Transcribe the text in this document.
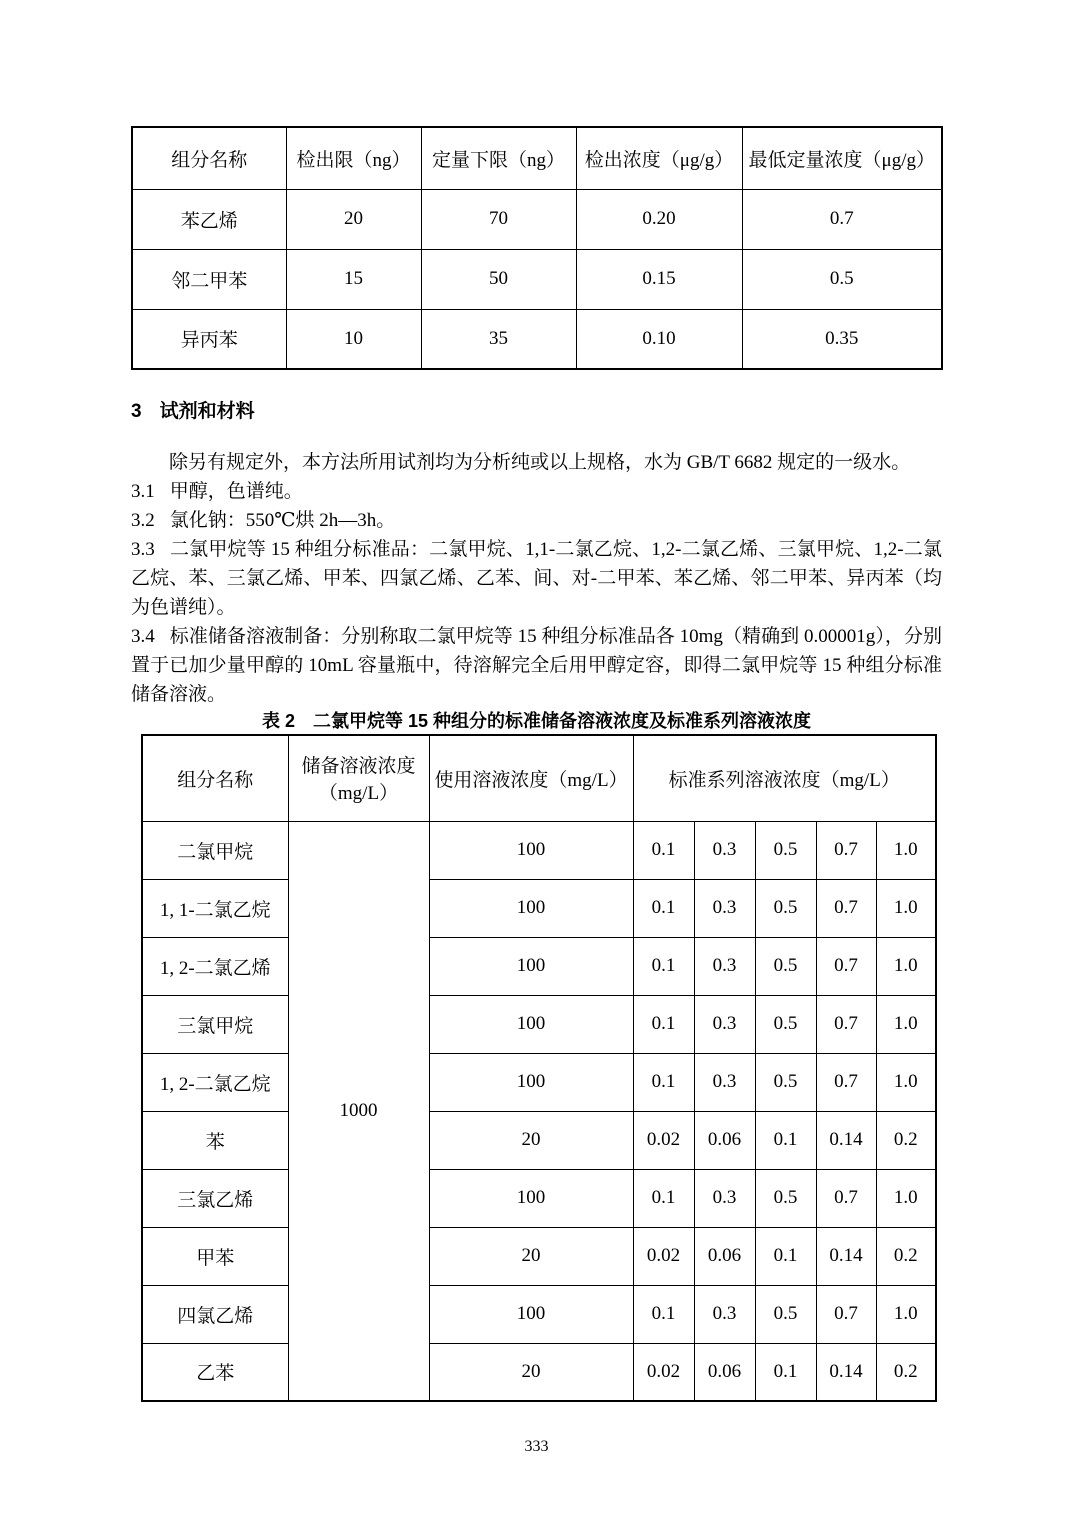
组分名称	检出限（ng）	定量下限（ng）	检出浓度（μg/g）	最低定量浓度（μg/g）
苯乙烯	20	70	0.20	0.7
邻二甲苯	15	50	0.15	0.5
异丙苯	10	35	0.10	0.35
3 试剂和材料

除另有规定外，本方法所用试剂均为分析纯或以上规格，水为 GB/T 6682 规定的一级水。

3.1 甲醇，色谱纯。

3.2 氯化钠：550℃烘 2h—3h。

3.3 二氯甲烷等 15 种组分标准品：二氯甲烷、1,1-二氯乙烷、1,2-二氯乙烯、三氯甲烷、1,2-二氯乙烷、苯、三氯乙烯、甲苯、四氯乙烯、乙苯、间、对-二甲苯、苯乙烯、邻二甲苯、异丙苯（均为色谱纯）。

3.4 标准储备溶液制备：分别称取二氯甲烷等 15 种组分标准品各 10mg（精确到 0.00001g），分别置于已加少量甲醇的 10mL 容量瓶中，待溶解完全后用甲醇定容，即得二氯甲烷等 15 种组分标准储备溶液。

表 2　二氯甲烷等 15 种组分的标准储备溶液浓度及标准系列溶液浓度
组分名称	储备溶液浓度（mg/L）	使用溶液浓度（mg/L）	标准系列溶液浓度（mg/L）				
二氯甲烷	1000	100	0.1	0.3	0.5	0.7	1.0
1, 1-二氯乙烷		100	0.1	0.3	0.5	0.7	1.0
1, 2-二氯乙烯		100	0.1	0.3	0.5	0.7	1.0
三氯甲烷		100	0.1	0.3	0.5	0.7	1.0
1, 2-二氯乙烷		100	0.1	0.3	0.5	0.7	1.0
苯		20	0.02	0.06	0.1	0.14	0.2
三氯乙烯		100	0.1	0.3	0.5	0.7	1.0
甲苯		20	0.02	0.06	0.1	0.14	0.2
四氯乙烯		100	0.1	0.3	0.5	0.7	1.0
乙苯		20	0.02	0.06	0.1	0.14	0.2
333
